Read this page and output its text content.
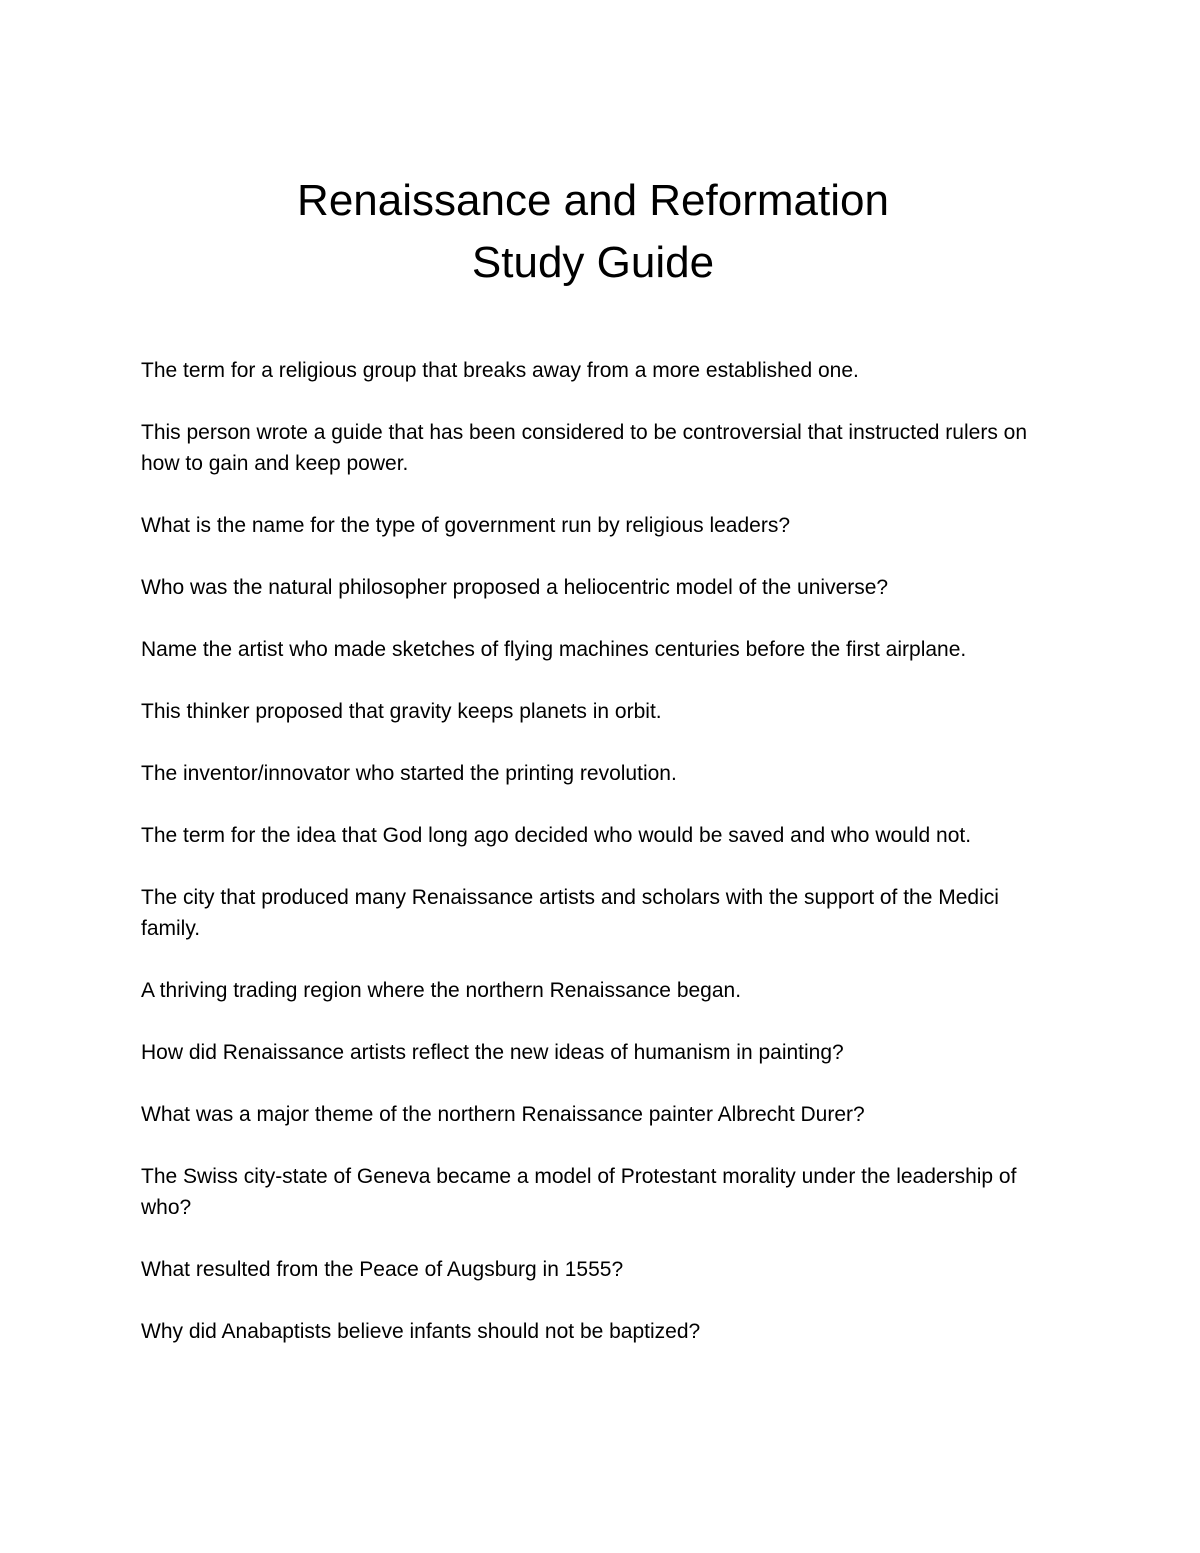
Renaissance and Reformation
Study Guide
The term for a religious group that breaks away from a more established one.
This person wrote a guide that has been considered to be controversial that instructed rulers on how to gain and keep power.
What is the name for the type of government run by religious leaders?
Who was the natural philosopher proposed a heliocentric model of the universe?
Name the artist who made sketches of flying machines centuries before the first airplane.
This thinker proposed that gravity keeps planets in orbit.
The inventor/innovator who started the printing revolution.
The term for the idea that God long ago decided who would be saved and who would not.
The city that produced many Renaissance artists and scholars with the support of the Medici family.
A thriving trading region where the northern Renaissance began.
How did Renaissance artists reflect the new ideas of humanism in painting?
What was a major theme of the northern Renaissance painter Albrecht Durer?
The Swiss city-state of Geneva became a model of Protestant morality under the leadership of who?
What resulted from the Peace of Augsburg in 1555?
Why did Anabaptists believe infants should not be baptized?
